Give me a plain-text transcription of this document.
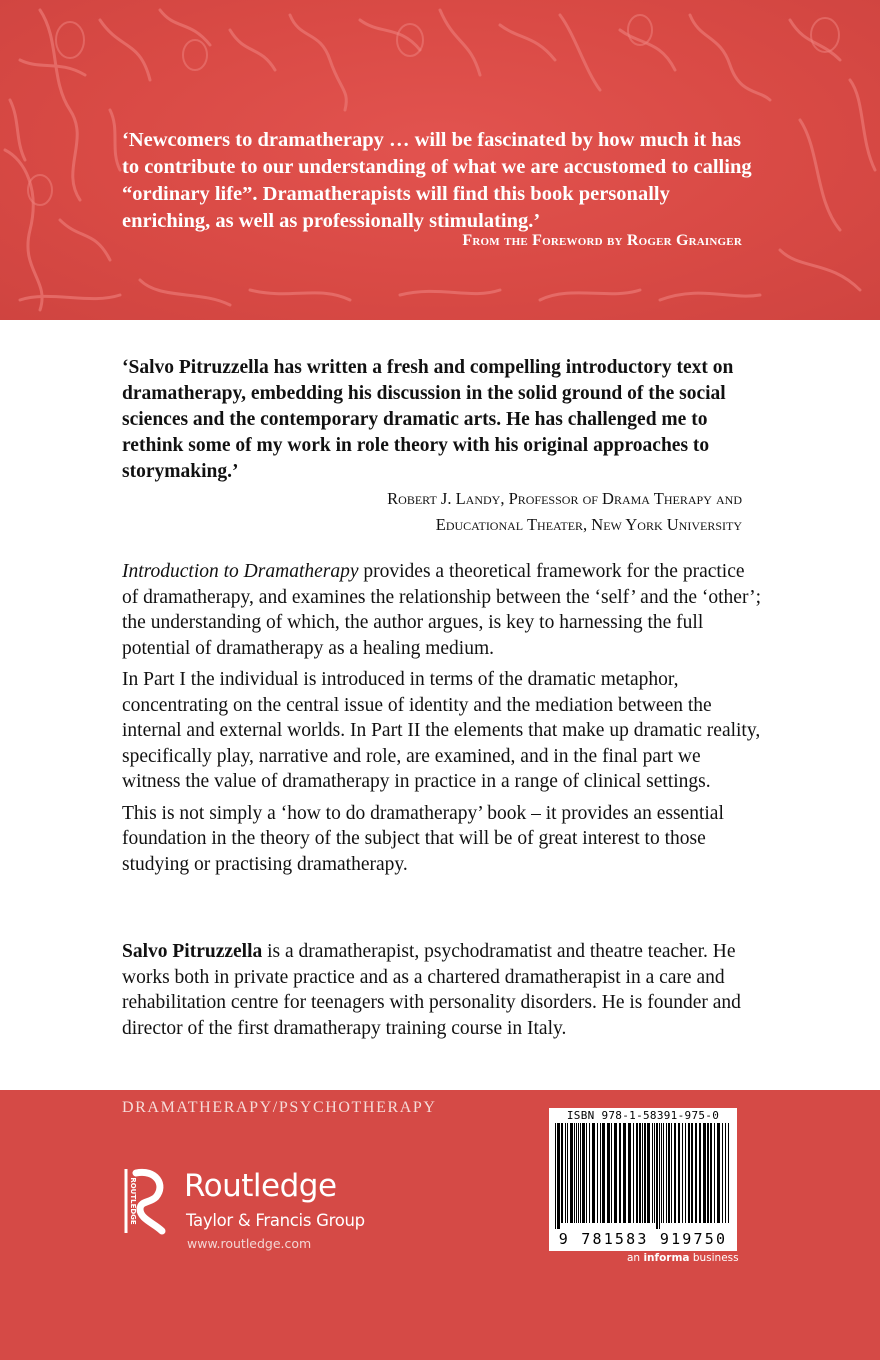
‘Newcomers to dramatherapy … will be fascinated by how much it has to contribute to our understanding of what we are accustomed to calling “ordinary life”. Dramatherapists will find this book personally enriching, as well as professionally stimulating.’

From the Foreword by Roger Grainger

‘Salvo Pitruzzella has written a fresh and compelling introductory text on dramatherapy, embedding his discussion in the solid ground of the social sciences and the contemporary dramatic arts. He has challenged me to rethink some of my work in role theory with his original approaches to storymaking.’

Robert J. Landy, Professor of Drama Therapy and
Educational Theater, New York University

Introduction to Dramatherapy provides a theoretical framework for the practice of dramatherapy, and examines the relationship between the ‘self’ and the ‘other’; the understanding of which, the author argues, is key to harnessing the full potential of dramatherapy as a healing medium.

In Part I the individual is introduced in terms of the dramatic metaphor, concentrating on the central issue of identity and the mediation between the internal and external worlds. In Part II the elements that make up dramatic reality, specifically play, narrative and role, are examined, and in the final part we witness the value of dramatherapy in practice in a range of clinical settings.

This is not simply a ‘how to do dramatherapy’ book – it provides an essential foundation in the theory of the subject that will be of great interest to those studying or practising dramatherapy.

Salvo Pitruzzella is a dramatherapist, psychodramatist and theatre teacher. He works both in private practice and as a chartered dramatherapist in a care and rehabilitation centre for teenagers with personality disorders. He is founder and director of the first dramatherapy training course in Italy.

DRAMATHERAPY/PSYCHOTHERAPY

ROUTLEDGE Routledge

Taylor & Francis Group

www.routledge.com

ISBN 978-1-58391-975-0

9 781583 919750

an informa business
